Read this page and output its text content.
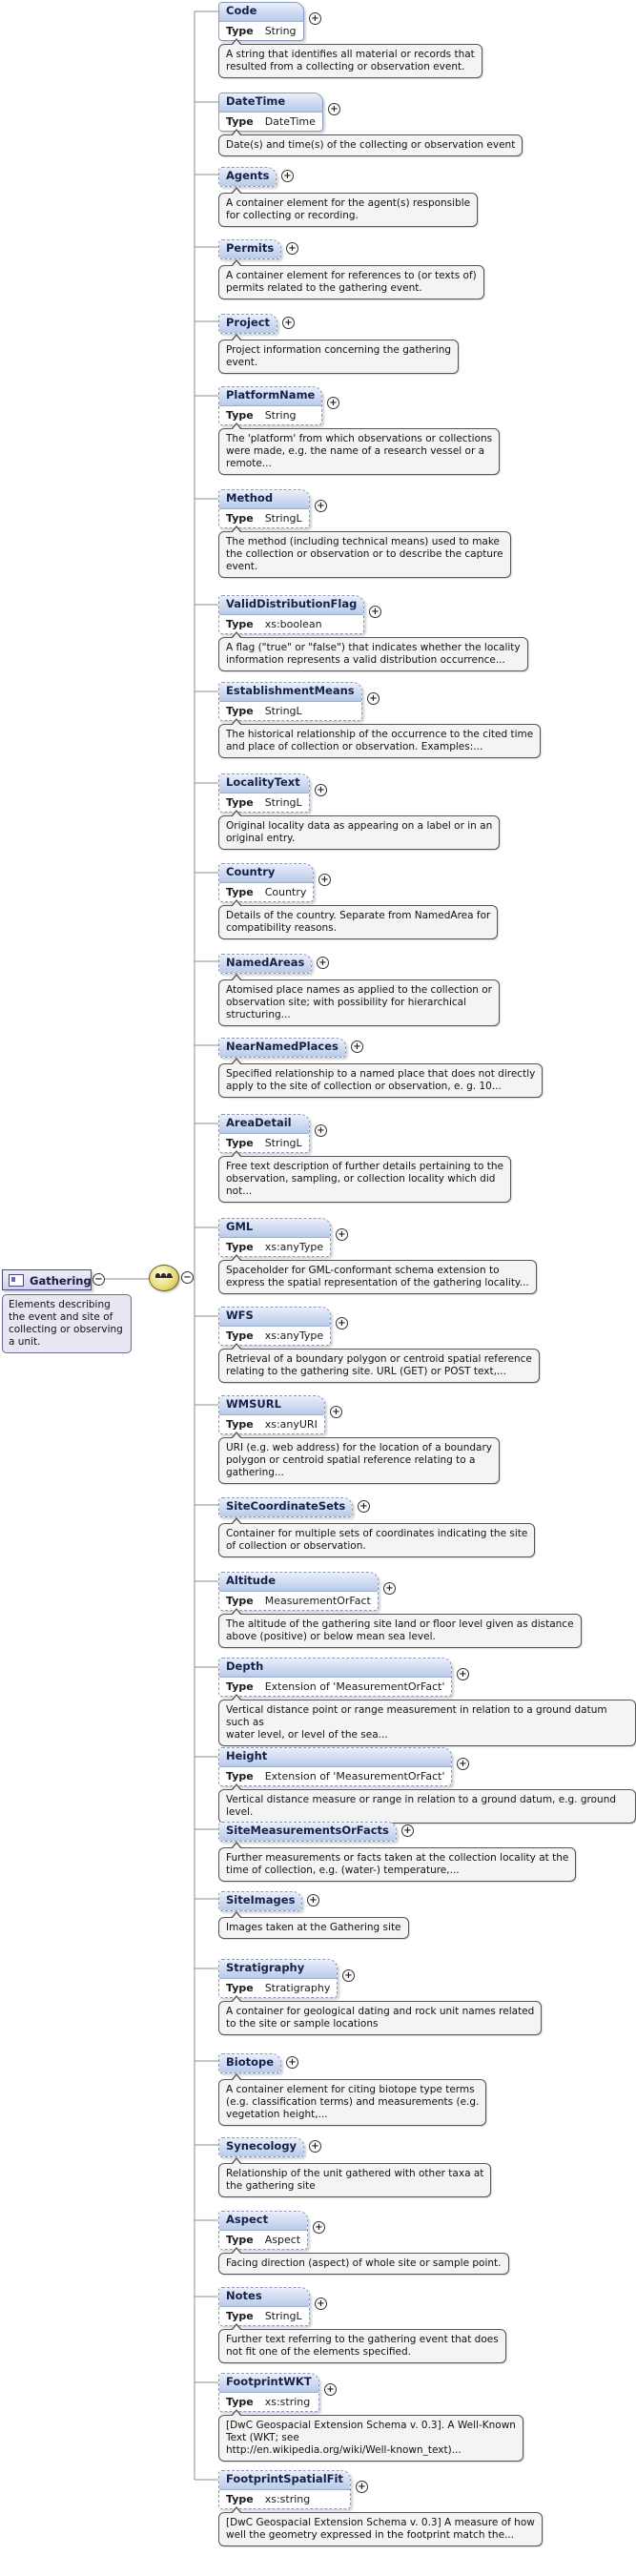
Gathering −
Elements describing the event and site of collecting or observing a unit.
−
Code
Type String
+
A string that identifies all material or records that
resulted from a collecting or observation event.
DateTime
Type DateTime
+
Date(s) and time(s) of the collecting or observation event
Agents	+
A container element for the agent(s) responsible
for collecting or recording.
Permits	+
A container element for references to (or texts of)
permits related to the gathering event.
Project	+
Project information concerning the gathering
event.
PlatformName
Type String
+
The 'platform' from which observations or collections
were made, e.g. the name of a research vessel or a
remote...
Method
Type StringL
+
The method (including technical means) used to make
the collection or observation or to describe the capture
event.
ValidDistributionFlag
Type xs:boolean
+
A flag ("true" or "false") that indicates whether the locality
information represents a valid distribution occurrence...
EstablishmentMeans
Type StringL
+
The historical relationship of the occurrence to the cited time
and place of collection or observation. Examples:...
LocalityText
Type StringL
+
Original locality data as appearing on a label or in an
original entry.
Country
Type Country
+
Details of the country. Separate from NamedArea for
compatibility reasons.
NamedAreas	+
Atomised place names as applied to the collection or
observation site; with possibility for hierarchical
structuring...
NearNamedPlaces	+
Specified relationship to a named place that does not directly
apply to the site of collection or observation, e. g. 10...
AreaDetail
Type StringL
+
Free text description of further details pertaining to the
observation, sampling, or collection locality which did
not...
GML
Type xs:anyType
+
Spaceholder for GML-conformant schema extension to
express the spatial representation of the gathering locality...
WFS
Type xs:anyType
+
Retrieval of a boundary polygon or centroid spatial reference
relating to the gathering site. URL (GET) or POST text,...
WMSURL
Type xs:anyURI
+
URI (e.g. web address) for the location of a boundary
polygon or centroid spatial reference relating to a
gathering...
SiteCoordinateSets	+
Container for multiple sets of coordinates indicating the site
of collection or observation.
Altitude
Type MeasurementOrFact
+
The altitude of the gathering site land or floor level given as distance
above (positive) or below mean sea level.
Depth
Type Extension of 'MeasurementOrFact'
+
Vertical distance point or range measurement in relation to a ground datum such as
water level, or level of the sea...
Height
Type Extension of 'MeasurementOrFact'
+
Vertical distance measure or range in relation to a ground datum, e.g. ground level.
SiteMeasurementsOrFacts	+
Further measurements or facts taken at the collection locality at the
time of collection, e.g. (water-) temperature,...
SiteImages	+
Images taken at the Gathering site
Stratigraphy
Type Stratigraphy
+
A container for geological dating and rock unit names related
to the site or sample locations
Biotope	+
A container element for citing biotope type terms
(e.g. classification terms) and measurements (e.g.
vegetation height,...
Synecology	+
Relationship of the unit gathered with other taxa at
the gathering site
Aspect
Type Aspect
+
Facing direction (aspect) of whole site or sample point.
Notes
Type StringL
+
Further text referring to the gathering event that does
not fit one of the elements specified.
FootprintWKT
Type xs:string
+
[DwC Geospacial Extension Schema v. 0.3]. A Well-Known
Text (WKT; see
http://en.wikipedia.org/wiki/Well-known_text)...
FootprintSpatialFit
Type xs:string
+
[DwC Geospacial Extension Schema v. 0.3] A measure of how
well the geometry expressed in the footprint match the...
